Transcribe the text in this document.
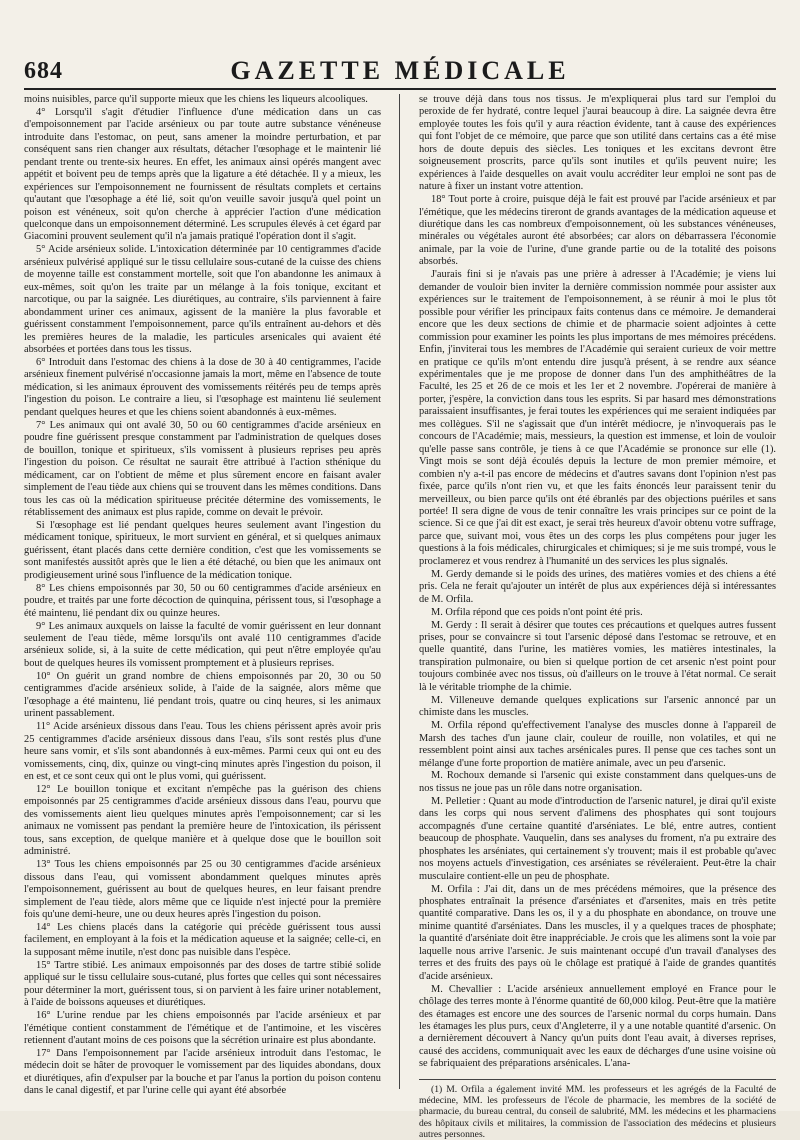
684	GAZETTE MÉDICALE

moins nuisibles, parce qu'il supporte mieux que les chiens les liqueurs alcooliques.

4° Lorsqu'il s'agit d'étudier l'influence d'une médication dans un cas d'empoisonnement par l'acide arsénieux ou par toute autre substance vénéneuse introduite dans l'estomac, on peut, sans amener la moindre perturbation, et par conséquent sans rien changer aux résultats, détacher l'œsophage et le maintenir lié pendant trente ou trente-six heures. En effet, les animaux ainsi opérés mangent avec appétit et boivent peu de temps après que la ligature a été détachée. Il y a mieux, les expériences sur l'empoisonnement ne fournissent de résultats complets et certains qu'autant que l'œsophage a été lié, soit qu'on veuille savoir jusqu'à quel point un poison est vénéneux, soit qu'on cherche à apprécier l'action d'une médication quelconque dans un empoisonnement déterminé. Les scrupules élevés à cet égard par Giacomini prouvent seulement qu'il n'a jamais pratiqué l'opération dont il s'agit.

5° Acide arsénieux solide. L'intoxication déterminée par 10 centigrammes d'acide arsénieux pulvérisé appliqué sur le tissu cellulaire sous-cutané de la cuisse des chiens de moyenne taille est constamment mortelle, soit que l'on abandonne les animaux à eux-mêmes, soit qu'on les traite par un mélange à la fois tonique, excitant et narcotique, ou par la saignée. Les diurétiques, au contraire, s'ils parviennent à faire abondamment uriner ces animaux, agissent de la manière la plus favorable et guérissent constamment l'empoisonnement, parce qu'ils entraînent au-dehors et dès les premières heures de la maladie, les particules arsenicales qui avaient été absorbées et portées dans tous les tissus.

6° Introduit dans l'estomac des chiens à la dose de 30 à 40 centigrammes, l'acide arsénieux finement pulvérisé n'occasionne jamais la mort, même en l'absence de toute médication, si les animaux éprouvent des vomissements réitérés peu de temps après l'ingestion du poison. Le contraire a lieu, si l'œsophage est maintenu lié seulement pendant quelques heures et que les chiens soient abandonnés à eux-mêmes.

7° Les animaux qui ont avalé 30, 50 ou 60 centigrammes d'acide arsénieux en poudre fine guérissent presque constamment par l'administration de quelques doses de bouillon, tonique et spiritueux, s'ils vomissent à plusieurs reprises peu après l'ingestion du poison. Ce résultat ne saurait être attribué à l'action sthénique du médicament, car on l'obtient de même et plus sûrement encore en faisant avaler simplement de l'eau tiède aux chiens qui se trouvent dans les mêmes conditions. Dans tous les cas où la médication spiritueuse précitée détermine des vomissements, le rétablissement des animaux est plus rapide, comme on devait le prévoir.

Si l'œsophage est lié pendant quelques heures seulement avant l'ingestion du médicament tonique, spiritueux, le mort survient en général, et si quelques animaux guérissent, étant placés dans cette dernière condition, c'est que les vomissements se sont manifestés aussitôt après que le lien a été détaché, ou bien que les animaux ont prodigieusement uriné sous l'influence de la médication tonique.

8° Les chiens empoisonnés par 30, 50 ou 60 centigrammes d'acide arsénieux en poudre, et traités par une forte décoction de quinquina, périssent tous, si l'œsophage a été maintenu, lié pendant dix ou quinze heures.

9° Les animaux auxquels on laisse la faculté de vomir guérissent en leur donnant seulement de l'eau tiède, même lorsqu'ils ont avalé 110 centigrammes d'acide arsénieux solide, si, à la suite de cette médication, qui peut n'être employée qu'au bout de quelques heures ils vomissent promptement et à plusieurs reprises.

10° On guérit un grand nombre de chiens empoisonnés par 20, 30 ou 50 centigrammes d'acide arsénieux solide, à l'aide de la saignée, alors même que l'œsophage a été maintenu, lié pendant trois, quatre ou cinq heures, si les animaux urinent passablement.

11° Acide arsénieux dissous dans l'eau. Tous les chiens périssent après avoir pris 25 centigrammes d'acide arsénieux dissous dans l'eau, s'ils sont restés plus d'une heure sans vomir, et s'ils sont abandonnés à eux-mêmes. Parmi ceux qui ont eu des vomissements, cinq, dix, quinze ou vingt-cinq minutes après l'ingestion du poison, il en est, et ce sont ceux qui ont le plus vomi, qui guérissent.

12° Le bouillon tonique et excitant n'empêche pas la guérison des chiens empoisonnés par 25 centigrammes d'acide arsénieux dissous dans l'eau, pourvu que des vomissements aient lieu quelques minutes après l'empoisonnement; car si les animaux ne vomissent pas pendant la première heure de l'intoxication, ils périssent tous, sans exception, de quelque manière et à quelque dose que le bouillon soit administré.

13° Tous les chiens empoisonnés par 25 ou 30 centigrammes d'acide arsénieux dissous dans l'eau, qui vomissent abondamment quelques minutes après l'empoisonnement, guérissent au bout de quelques heures, en leur faisant prendre simplement de l'eau tiède, alors même que ce liquide n'est injecté pour la première fois qu'une demi-heure, une ou deux heures après l'ingestion du poison.

14° Les chiens placés dans la catégorie qui précède guérissent tous aussi facilement, en employant à la fois et la médication aqueuse et la saignée; celle-ci, en la supposant même inutile, n'est donc pas nuisible dans l'espèce.

15° Tartre stibié. Les animaux empoisonnés par des doses de tartre stibié solide appliqué sur le tissu cellulaire sous-cutané, plus fortes que celles qui sont nécessaires pour déterminer la mort, guérissent tous, si on parvient à les faire uriner notablement, à l'aide de boissons aqueuses et diurétiques.

16° L'urine rendue par les chiens empoisonnés par l'acide arsénieux et par l'émétique contient constamment de l'émétique et de l'antimoine, et les viscères retiennent d'autant moins de ces poisons que la sécrétion urinaire est plus abondante.

17° Dans l'empoisonnement par l'acide arsénieux introduit dans l'estomac, le médecin doit se hâter de provoquer le vomissement par des liquides abondans, doux et diurétiques, afin d'expulser par la bouche et par l'anus la portion du poison contenu dans le canal digestif, et par l'urine celle qui ayant été absorbée

se trouve déjà dans tous nos tissus. Je m'expliquerai plus tard sur l'emploi du peroxide de fer hydraté, contre lequel j'aurai beaucoup à dire. La saignée devra être employée toutes les fois qu'il y aura réaction évidente, tant à cause des expériences qui font l'objet de ce mémoire, que parce que son utilité dans certains cas a été mise hors de doute depuis des siècles. Les toniques et les excitans devront être soigneusement proscrits, parce qu'ils sont inutiles et qu'ils peuvent nuire; les expériences à l'aide desquelles on avait voulu accréditer leur emploi ne sont pas de nature à fixer un instant votre attention.

18° Tout porte à croire, puisque déjà le fait est prouvé par l'acide arsénieux et par l'émétique, que les médecins tireront de grands avantages de la médication aqueuse et diurétique dans les cas nombreux d'empoisonnement, où les substances vénéneuses, minérales ou végétales auront été absorbées; car alors on débarrassera l'économie animale, par la voie de l'urine, d'une grande partie ou de la totalité des poisons absorbés.

J'aurais fini si je n'avais pas une prière à adresser à l'Académie; je viens lui demander de vouloir bien inviter la dernière commission nommée pour assister aux expériences sur le traitement de l'empoisonnement, à se réunir à moi le plus tôt possible pour vérifier les principaux faits contenus dans ce mémoire. Je demanderai encore que les deux sections de chimie et de pharmacie soient adjointes à cette commission pour examiner les points les plus importans de mes mémoires précédens. Enfin, j'inviterai tous les membres de l'Académie qui seraient curieux de voir mettre en pratique ce qu'ils m'ont entendu dire jusqu'à présent, à se rendre aux séance expérimentales que je me propose de donner dans l'un des amphithéâtres de la Faculté, les 25 et 26 de ce mois et les 1er et 2 novembre. J'opérerai de manière à porter, j'espère, la conviction dans tous les esprits. Si par hasard mes démonstrations paraissaient insuffisantes, je ferai toutes les expériences qui me seraient indiquées par mes collègues. S'il ne s'agissait que d'un intérêt médiocre, je n'invoquerais pas le concours de l'Académie; mais, messieurs, la question est immense, et loin de vouloir qu'elle passe sans contrôle, je tiens à ce que l'Académie se prononce sur elle (1). Vingt mois se sont déjà écoulés depuis la lecture de mon premier mémoire, et combien n'y a-t-il pas encore de médecins et d'autres savans dont l'opinion n'est pas fixée, parce qu'ils n'ont rien vu, et que les faits énoncés leur paraissent tenir du merveilleux, ou bien parce qu'ils ont été ébranlés par des objections puériles et sans portée! Il sera digne de vous de tenir connaître les vrais principes sur ce point de la science. Si ce que j'ai dit est exact, je serai très heureux d'avoir obtenu votre suffrage, parce que, suivant moi, vous êtes un des corps les plus compétens pour juger les questions à la fois médicales, chirurgicales et chimiques; si je me suis trompé, vous le proclamerez et vous rendrez à l'humanité un des services les plus signalés.

M. Gerdy demande si le poids des urines, des matières vomies et des chiens a été pris. Cela ne ferait qu'ajouter un intérêt de plus aux expériences déjà si intéressantes de M. Orfila.

M. Orfila répond que ces poids n'ont point été pris.

M. Gerdy : Il serait à désirer que toutes ces précautions et quelques autres fussent prises, pour se convaincre si tout l'arsenic déposé dans l'estomac se retrouve, et en quelle quantité, dans l'urine, les matières vomies, les matières intestinales, la transpiration pulmonaire, ou bien si quelque portion de cet arsenic n'est point pour toujours combinée avec nos tissus, où d'ailleurs on le trouve à l'état normal. Ce serait là le véritable triomphe de la chimie.

M. Villeneuve demande quelques explications sur l'arsenic annoncé par un chimiste dans les muscles.

M. Orfila répond qu'effectivement l'analyse des muscles donne à l'appareil de Marsh des taches d'un jaune clair, couleur de rouille, non volatiles, et qui ne ressemblent point ainsi aux taches arsénicales pures. Il pense que ces taches sont un mélange d'une forte proportion de matière animale, avec un peu d'arsenic.

M. Rochoux demande si l'arsenic qui existe constamment dans quelques-uns de nos tissus ne joue pas un rôle dans notre organisation.

M. Pelletier : Quant au mode d'introduction de l'arsenic naturel, je dirai qu'il existe dans les corps qui nous servent d'alimens des phosphates qui sont toujours accompagnés d'une certaine quantité d'arséniates. Le blé, entre autres, contient beaucoup de phosphate. Vauquelin, dans ses analyses du froment, n'a pu extraire des phosphates les arséniates, qui certainement s'y trouvent; mais il est probable qu'avec nos moyens actuels d'investigation, ces arséniates se révéleraient. Peut-être la chair musculaire contient-elle un peu de phosphate.

M. Orfila : J'ai dit, dans un de mes précédens mémoires, que la présence des phosphates entraînait la présence d'arséniates et d'arsenites, mais en très petite quantité comparative. Dans les os, il y a du phosphate en abondance, on trouve une minime quantité d'arséniates. Dans les muscles, il y a quelques traces de phosphate; la quantité d'arséniate doit être inappréciable. Je crois que les alimens sont la voie par laquelle nous arrive l'arsenic. Je suis maintenant occupé d'un travail d'analyses des terres et des fruits des pays où le chôlage est pratiqué à l'aide de grandes quantités d'acide arsénieux.

M. Chevallier : L'acide arsénieux annuellement employé en France pour le chôlage des terres monte à l'énorme quantité de 60,000 kilog. Peut-être que la matière des étamages est encore une des sources de l'arsenic normal du corps humain. Dans les étamages les plus purs, ceux d'Angleterre, il y a une notable quantité d'arsenic. On a dernièrement découvert à Nancy qu'un puits dont l'eau avait, à diverses reprises, causé des accidens, communiquait avec les eaux de décharges d'une usine voisine où se fabriquaient des préparations arsénicales. L'ana-

(1) M. Orfila a également invité MM. les professeurs et les agrégés de la Faculté de médecine, MM. les professeurs de l'école de pharmacie, les membres de la société de pharmacie, du bureau central, du conseil de salubrité, MM. les médecins et les pharmaciens des hôpitaux civils et militaires, la commission de l'association des médecins et plusieurs autres personnes.
